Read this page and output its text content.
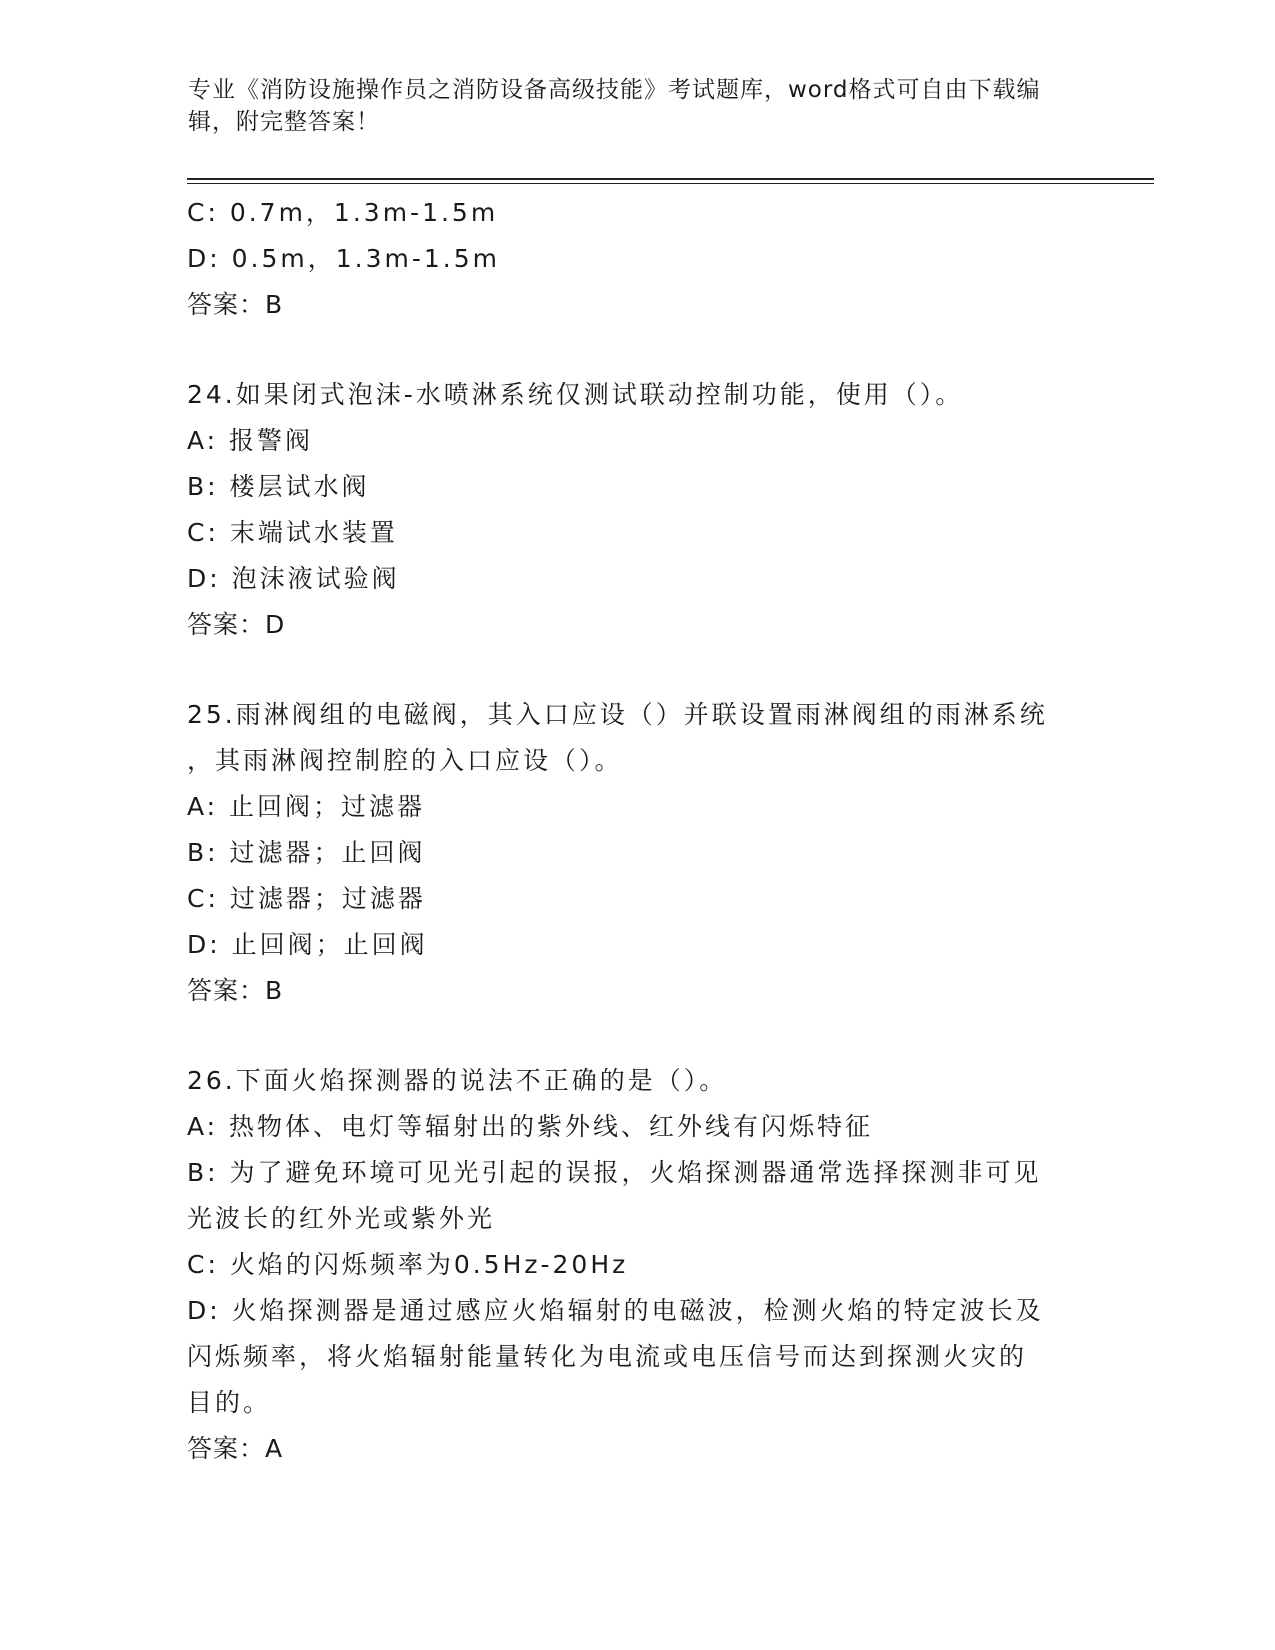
专业《消防设施操作员之消防设备高级技能》考试题库，word格式可自由下载编
辑，附完整答案！
C: 0.7m，1.3m-1.5m
D: 0.5m，1.3m-1.5m
答案：B
24.如果闭式泡沫-水喷淋系统仅测试联动控制功能，使用（）。
A: 报警阀
B: 楼层试水阀
C: 末端试水装置
D: 泡沫液试验阀
答案：D
25.雨淋阀组的电磁阀，其入口应设（）并联设置雨淋阀组的雨淋系统
，其雨淋阀控制腔的入口应设（）。
A: 止回阀；过滤器
B: 过滤器；止回阀
C: 过滤器；过滤器
D: 止回阀；止回阀
答案：B
26.下面火焰探测器的说法不正确的是（）。
A: 热物体、电灯等辐射出的紫外线、红外线有闪烁特征
B: 为了避免环境可见光引起的误报，火焰探测器通常选择探测非可见
光波长的红外光或紫外光
C: 火焰的闪烁频率为0.5Hz-20Hz
D: 火焰探测器是通过感应火焰辐射的电磁波，检测火焰的特定波长及
闪烁频率，将火焰辐射能量转化为电流或电压信号而达到探测火灾的
目的。
答案：A
